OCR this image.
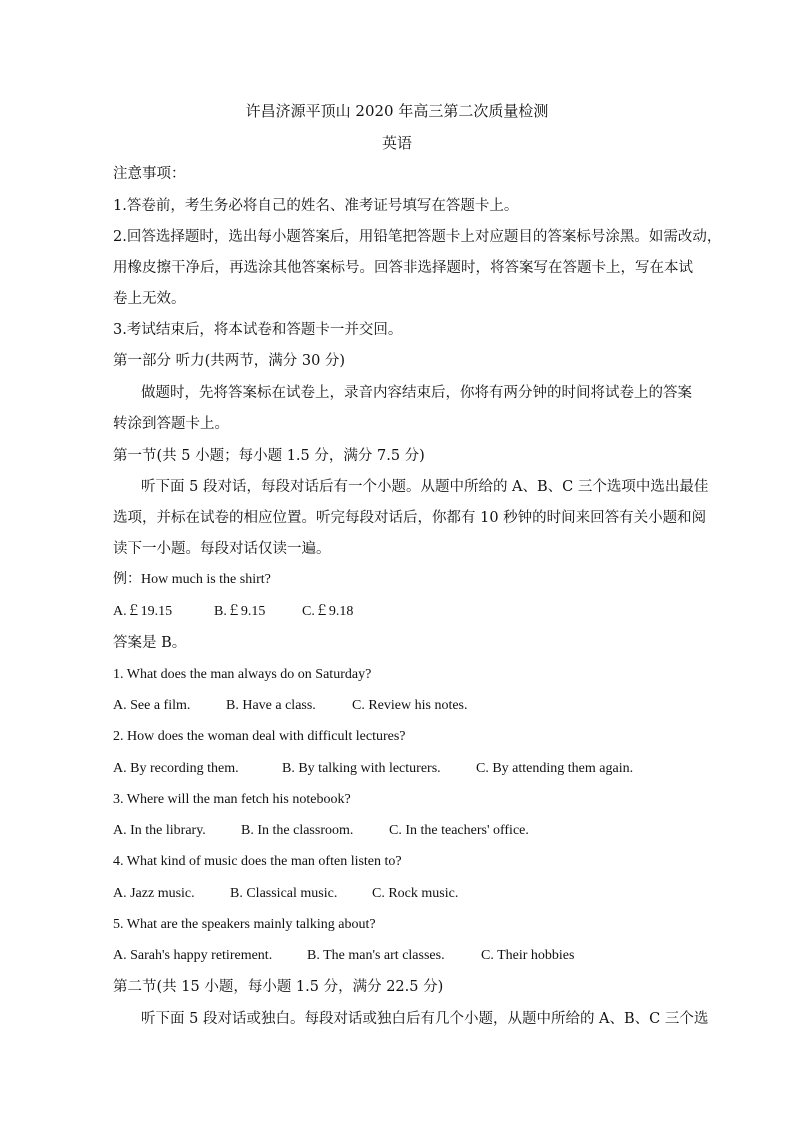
许昌济源平顶山 2020 年高三第二次质量检测
英语
注意事项：
1.答卷前，考生务必将自己的姓名、准考证号填写在答题卡上。
2.回答选择题时，选出每小题答案后，用铅笔把答题卡上对应题目的答案标号涂黑。如需改动，
用橡皮擦干净后，再选涂其他答案标号。回答非选择题时，将答案写在答题卡上，写在本试
卷上无效。
3.考试结束后，将本试卷和答题卡一并交回。
第一部分 听力(共两节，满分 30 分)
做题时，先将答案标在试卷上，录音内容结束后，你将有两分钟的时间将试卷上的答案
转涂到答题卡上。
第一节(共 5 小题；每小题 1.5 分，满分 7.5 分)
听下面 5 段对话，每段对话后有一个小题。从题中所给的 A、B、C 三个选项中选出最佳
选项，并标在试卷的相应位置。听完每段对话后，你都有 10 秒钟的时间来回答有关小题和阅
读下一小题。每段对话仅读一遍。
例：How much is the shirt?
A.￡19.15	B.￡9.15	C.￡9.18
答案是 B。
1. What does the man always do on Saturday?
A. See a film.	B. Have a class.	C. Review his notes.
2. How does the woman deal with difficult lectures?
A. By recording them.	B. By talking with lecturers.	C. By attending them again.
3. Where will the man fetch his notebook?
A. In the library.	B. In the classroom.	C. In the teachers' office.
4. What kind of music does the man often listen to?
A. Jazz music.	B. Classical music. C. Rock music.
5. What are the speakers mainly talking about?
A. Sarah's happy retirement. B. The man's art classes.	C. Their hobbies
第二节(共 15 小题，每小题 1.5 分，满分 22.5 分)
听下面 5 段对话或独白。每段对话或独白后有几个小题，从题中所给的 A、B、C 三个选
